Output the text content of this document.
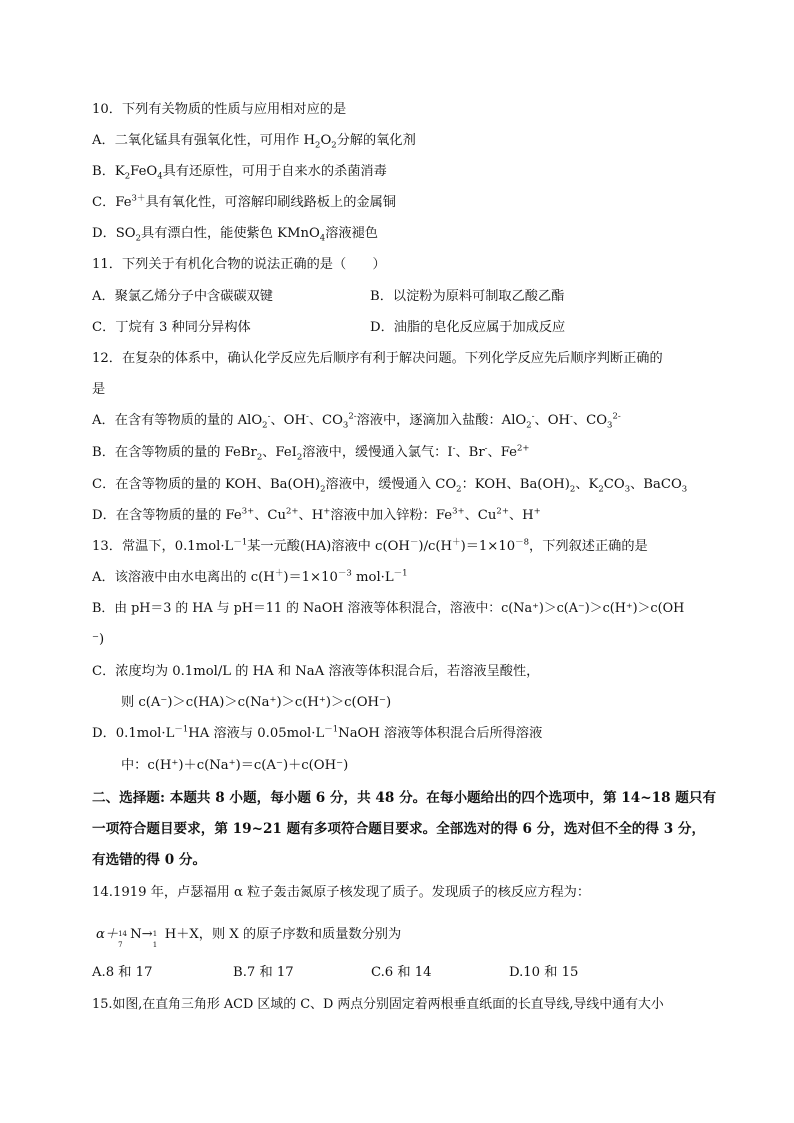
10．下列有关物质的性质与应用相对应的是
A．二氧化锰具有强氧化性，可用作 $H_2O_2$分解的氧化剂
B．$K_2FeO_4$具有还原性，可用于自来水的杀菌消毒
C．$Fe^{3+}$具有氧化性，可溶解印刷线路板上的金属铜
D．$SO_2$具有漂白性，能使紫色 KMnO$_4$溶液褪色
11．下列关于有机化合物的说法正确的是（　　）
A．聚氯乙烯分子中含碳碳双键	B．以淀粉为原料可制取乙酸乙酯
C．丁烷有 3 种同分异构体	D．油脂的皂化反应属于加成反应
12．在复杂的体系中，确认化学反应先后顺序有利于解决问题。下列化学反应先后顺序判断正确的
是
A．在含有等物质的量的 AlO$_2$-、OH-、$CO_3^{2-}$溶液中，逐滴加入盐酸：AlO$_2$-、OH-、$CO_3^{2-}$
B．在含等物质的量的 FeBr$_2$、FeI$_2$溶液中，缓慢通入氯气：I-、Br-、$Fe^{2+}$
C．在含等物质的量的 KOH、$Ba(OH)_2$溶液中，缓慢通入 $CO_2$：KOH、$Ba(OH)_2$、$K_2CO_3$、BaCO$_3$
D．在含等物质的量的 $Fe^{3+}$、$Cu^{2+}$、H+溶液中加入锌粉：$Fe^{3+}$、$Cu^{2+}$、H+
13．常温下，$0.1mol\cdot L^{-1}$某一元酸(HA)溶液中 $c(OH^-)/c(H^+)=1\times 10^{-8}$，下列叙述正确的是
A．该溶液中由水电离出的 $c(H^+)=1\times 10^{-3}$ $mol\cdot L^{-1}$
B．由 pH＝3 的 HA 与 pH＝11 的 NaOH 溶液等体积混合，溶液中：c(Na⁺)＞c(A⁻)＞c(H⁺)＞c(OH
⁻)
C．浓度均为 0.1mol/L 的 HA 和 NaA 溶液等体积混合后，若溶液呈酸性，
则 c(A⁻)＞c(HA)＞c(Na⁺)＞c(H⁺)＞c(OH⁻)
D．$0.1mol\cdot L^{-1}HA$ 溶液与 $0.05mol\cdot L^{-1}NaOH$ 溶液等体积混合后所得溶液
中：c(H⁺)＋c(Na⁺)＝c(A⁻)＋c(OH⁻)
二、选择题: 本题共 8 小题，每小题 6 分，共 48 分。在每小题给出的四个选项中，第 14~18 题只有
一项符合题目要求，第 19~21 题有多项符合题目要求。全部选对的得 6 分，选对但不全的得 3 分，
有选错的得 0 分。
14.1919 年，卢瑟福用 α 粒子轰击氮原子核发现了质子。发现质子的核反应方程为：
α＋ 14
7
N→ 1
1
H＋X，则 X 的原子序数和质量数分别为
A.8 和 17	B.7 和 17	C.6 和 14	D.10 和 15
15.如图,在直角三角形 ACD 区域的 C、D 两点分别固定着两根垂直纸面的长直导线,导线中通有大小
